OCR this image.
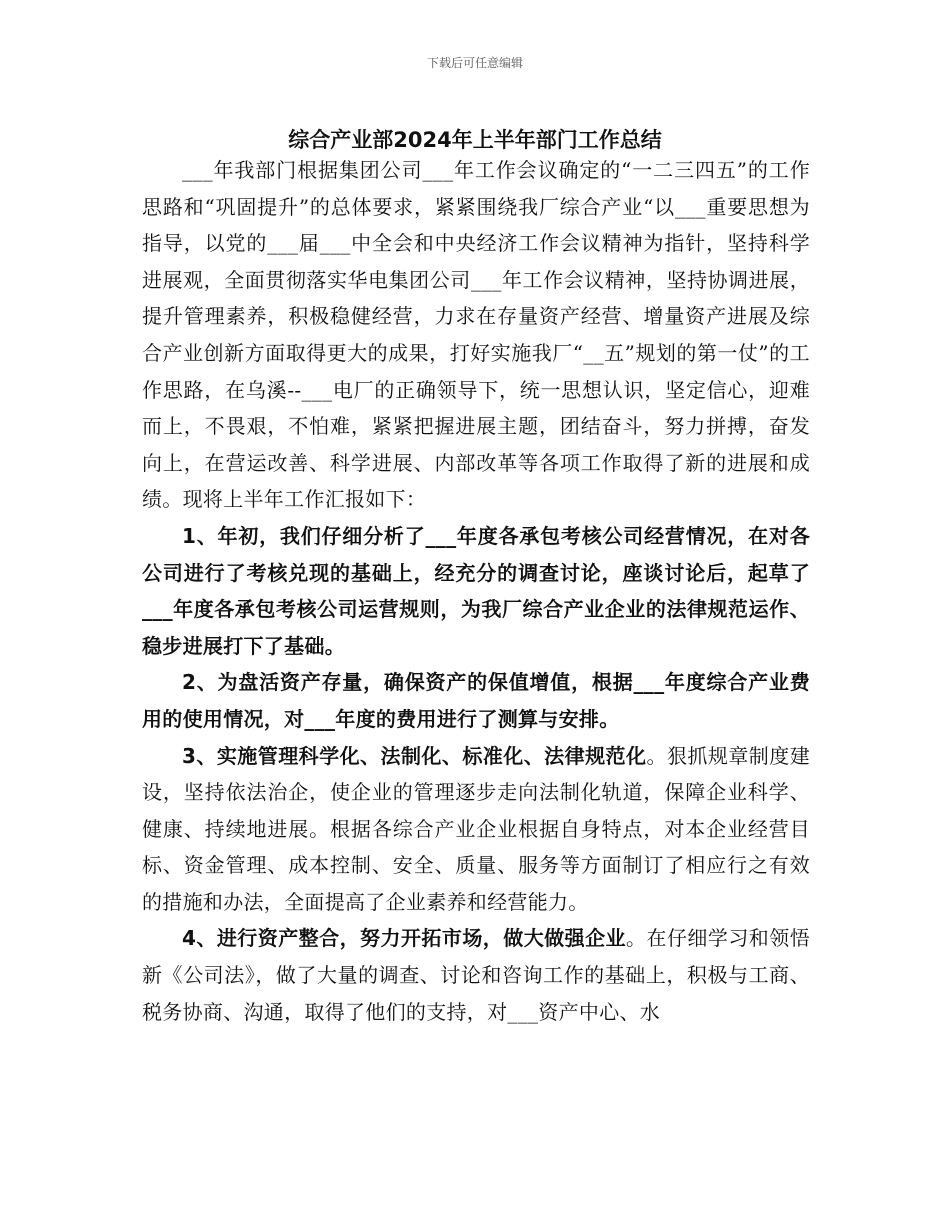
下载后可任意编辑
综合产业部2024年上半年部门工作总结

___年我部门根据集团公司___年工作会议确定的“一二三四五”的工作思路和“巩固提升”的总体要求，紧紧围绕我厂综合产业“以___重要思想为指导，以党的___届___中全会和中央经济工作会议精神为指针，坚持科学进展观，全面贯彻落实华电集团公司___年工作会议精神，坚持协调进展，提升管理素养，积极稳健经营，力求在存量资产经营、增量资产进展及综合产业创新方面取得更大的成果，打好实施我厂“__五”规划的第一仗”的工作思路，在乌溪--___电厂的正确领导下，统一思想认识，坚定信心，迎难而上，不畏艰，不怕难，紧紧把握进展主题，团结奋斗，努力拼搏，奋发向上，在营运改善、科学进展、内部改革等各项工作取得了新的进展和成绩。现将上半年工作汇报如下：

1、年初，我们仔细分析了___年度各承包考核公司经营情况，在对各公司进行了考核兑现的基础上，经充分的调查讨论，座谈讨论后，起草了___年度各承包考核公司运营规则，为我厂综合产业企业的法律规范运作、稳步进展打下了基础。

2、为盘活资产存量，确保资产的保值增值，根据___年度综合产业费用的使用情况，对___年度的费用进行了测算与安排。

3、实施管理科学化、法制化、标准化、法律规范化。狠抓规章制度建设，坚持依法治企，使企业的管理逐步走向法制化轨道，保障企业科学、健康、持续地进展。根据各综合产业企业根据自身特点，对本企业经营目标、资金管理、成本控制、安全、质量、服务等方面制订了相应行之有效的措施和办法，全面提高了企业素养和经营能力。

4、进行资产整合，努力开拓市场，做大做强企业。在仔细学习和领悟新《公司法》，做了大量的调查、讨论和咨询工作的基础上，积极与工商、税务协商、沟通，取得了他们的支持，对___资产中心、水
